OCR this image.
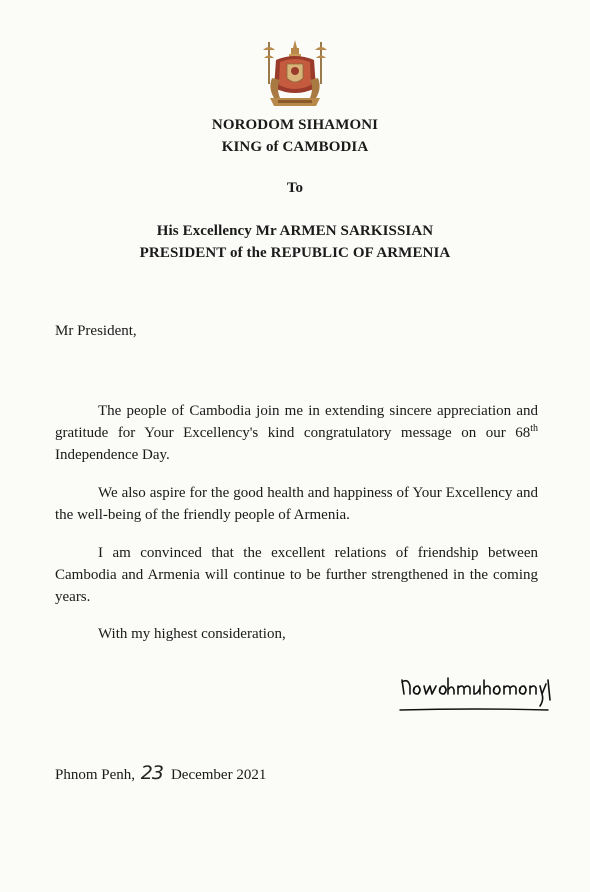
NORODOM SIHAMONI
KING of CAMBODIA
To
His Excellency Mr ARMEN SARKISSIAN
PRESIDENT of the REPUBLIC OF ARMENIA
Mr President,
The people of Cambodia join me in extending sincere appreciation and gratitude for Your Excellency's kind congratulatory message on our 68th Independence Day.
We also aspire for the good health and happiness of Your Excellency and the well-being of the friendly people of Armenia.
I am convinced that the excellent relations of friendship between Cambodia and Armenia will continue to be further strengthened in the coming years.
With my highest consideration,
Phnom Penh, 23 December 2021
